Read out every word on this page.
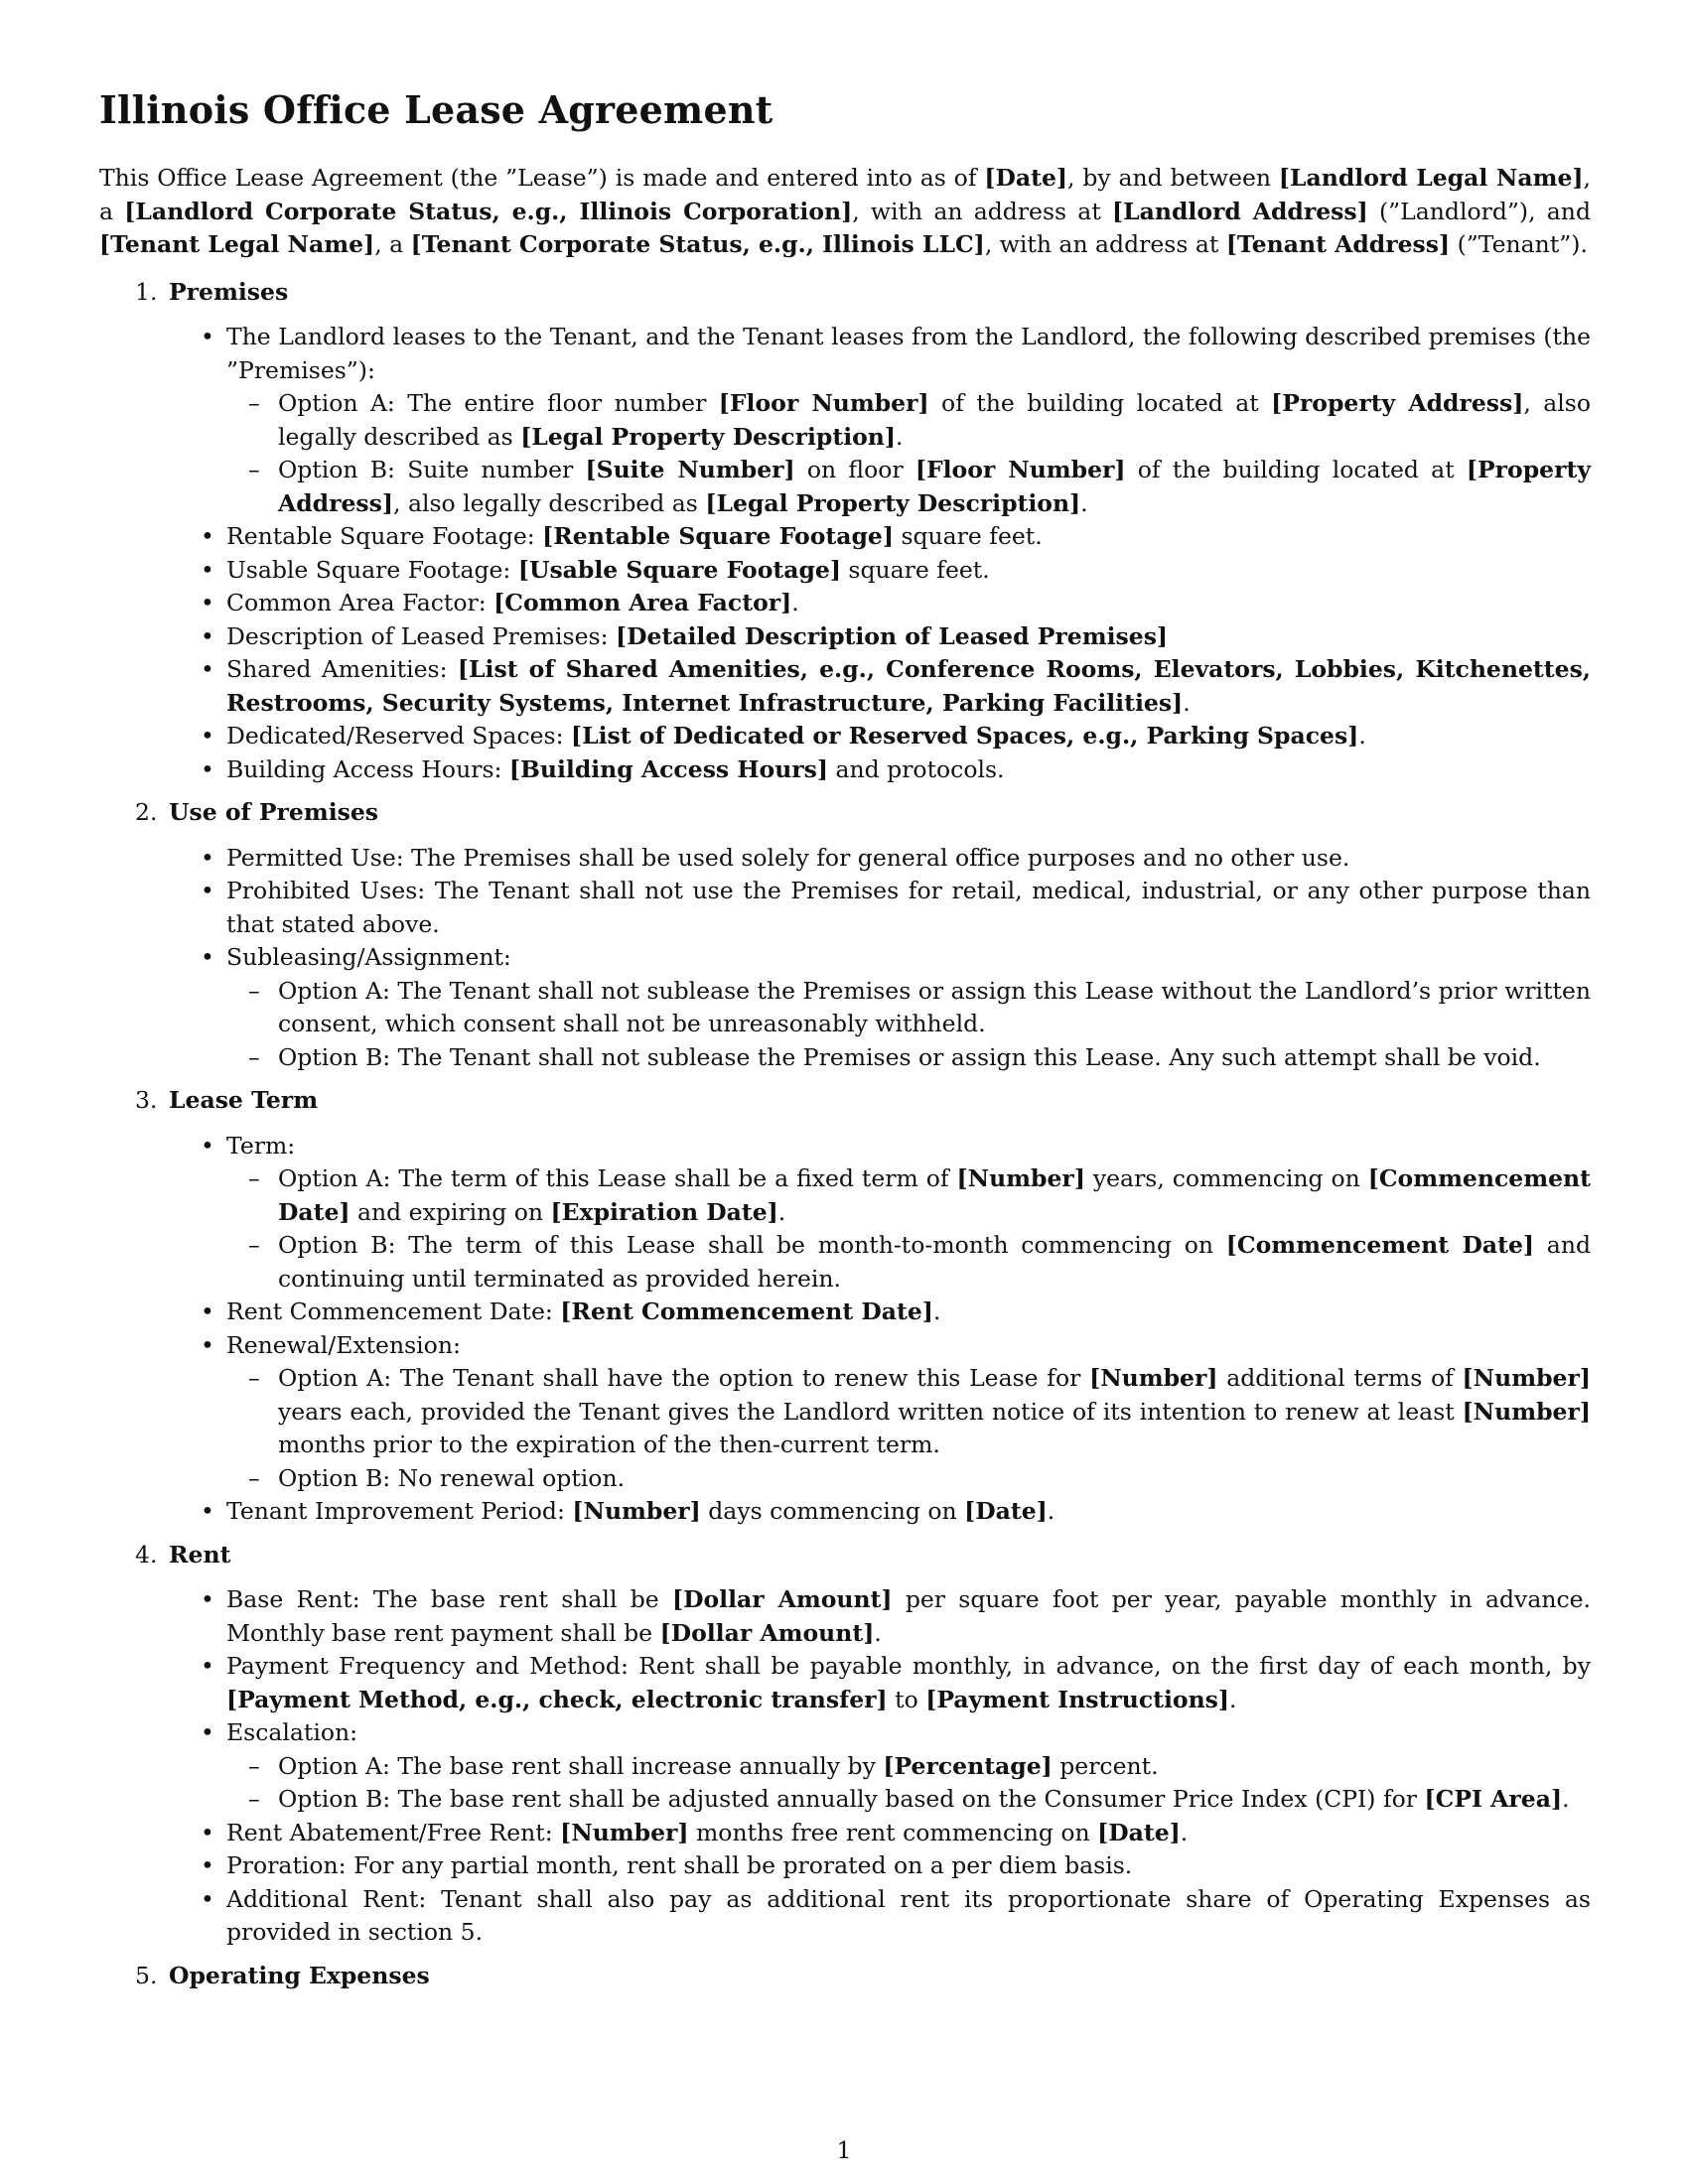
Illinois Office Lease Agreement

This Office Lease Agreement (the ”Lease”) is made and entered into as of [Date], by and between [Landlord Legal Name], a [Landlord Corporate Status, e.g., Illinois Corporation], with an address at [Landlord Address] (”Landlord”), and [Tenant Legal Name], a [Tenant Corporate Status, e.g., Illinois LLC], with an address at [Tenant Address] (”Tenant”).

1. Premises
• The Landlord leases to the Tenant, and the Tenant leases from the Landlord, the following described premises (the ”Premises”):
– Option A: The entire floor number [Floor Number] of the building located at [Property Address], also legally described as [Legal Property Description].
– Option B: Suite number [Suite Number] on floor [Floor Number] of the building located at [Property Address], also legally described as [Legal Property Description].
• Rentable Square Footage: [Rentable Square Footage] square feet.
• Usable Square Footage: [Usable Square Footage] square feet.
• Common Area Factor: [Common Area Factor].
• Description of Leased Premises: [Detailed Description of Leased Premises]
• Shared Amenities: [List of Shared Amenities, e.g., Conference Rooms, Elevators, Lobbies, Kitchenettes, Restrooms, Security Systems, Internet Infrastructure, Parking Facilities].
• Dedicated/Reserved Spaces: [List of Dedicated or Reserved Spaces, e.g., Parking Spaces].
• Building Access Hours: [Building Access Hours] and protocols.
2. Use of Premises
• Permitted Use: The Premises shall be used solely for general office purposes and no other use.
• Prohibited Uses: The Tenant shall not use the Premises for retail, medical, industrial, or any other purpose than that stated above.
• Subleasing/Assignment:
– Option A: The Tenant shall not sublease the Premises or assign this Lease without the Landlord’s prior written consent, which consent shall not be unreasonably withheld.
– Option B: The Tenant shall not sublease the Premises or assign this Lease. Any such attempt shall be void.
3. Lease Term
• Term:
– Option A: The term of this Lease shall be a fixed term of [Number] years, commencing on [Commencement Date] and expiring on [Expiration Date].
– Option B: The term of this Lease shall be month-to-month commencing on [Commencement Date] and continuing until terminated as provided herein.
• Rent Commencement Date: [Rent Commencement Date].
• Renewal/Extension:
– Option A: The Tenant shall have the option to renew this Lease for [Number] additional terms of [Number] years each, provided the Tenant gives the Landlord written notice of its intention to renew at least [Number] months prior to the expiration of the then-current term.
– Option B: No renewal option.
• Tenant Improvement Period: [Number] days commencing on [Date].
4. Rent
• Base Rent: The base rent shall be [Dollar Amount] per square foot per year, payable monthly in advance. Monthly base rent payment shall be [Dollar Amount].
• Payment Frequency and Method: Rent shall be payable monthly, in advance, on the first day of each month, by [Payment Method, e.g., check, electronic transfer] to [Payment Instructions].
• Escalation:
– Option A: The base rent shall increase annually by [Percentage] percent.
– Option B: The base rent shall be adjusted annually based on the Consumer Price Index (CPI) for [CPI Area].
• Rent Abatement/Free Rent: [Number] months free rent commencing on [Date].
• Proration: For any partial month, rent shall be prorated on a per diem basis.
• Additional Rent: Tenant shall also pay as additional rent its proportionate share of Operating Expenses as provided in section 5.
5. Operating Expenses
1
